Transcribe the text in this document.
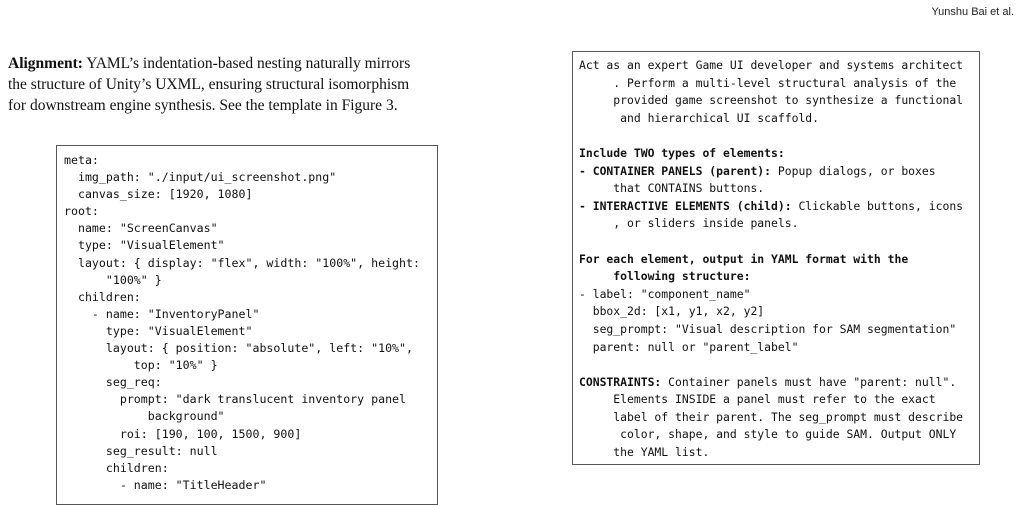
Yunshu Bai et al.

Alignment: YAML’s indentation-based nesting naturally mirrors
the structure of Unity’s UXML, ensuring structural isomorphism
for downstream engine synthesis. See the template in Figure 3.

meta:
img_path: "./input/ui_screenshot.png"
canvas_size: [1920, 1080]
root:
name: "ScreenCanvas"
type: "VisualElement"
layout: { display: "flex", width: "100%", height:
"100%" }
children:
- name: "InventoryPanel"
type: "VisualElement"
layout: { position: "absolute", left: "10%",
top: "10%" }
seg_req:
prompt: "dark translucent inventory panel
background"
roi: [190, 100, 1500, 900]
seg_result: null
children:
- name: "TitleHeader"
Act as an expert Game UI developer and systems architect
. Perform a multi-level structural analysis of the
provided game screenshot to synthesize a functional
and hierarchical UI scaffold.
Include TWO types of elements:
- CONTAINER PANELS (parent): Popup dialogs, or boxes
that CONTAINS buttons.
- INTERACTIVE ELEMENTS (child): Clickable buttons, icons
, or sliders inside panels.
For each element, output in YAML format with the
following structure:
- label: "component_name"
bbox_2d: [x1, y1, x2, y2]
seg_prompt: "Visual description for SAM segmentation"
parent: null or "parent_label"
CONSTRAINTS: Container panels must have "parent: null".
Elements INSIDE a panel must refer to the exact
label of their parent. The seg_prompt must describe
color, shape, and style to guide SAM. Output ONLY
the YAML list.
